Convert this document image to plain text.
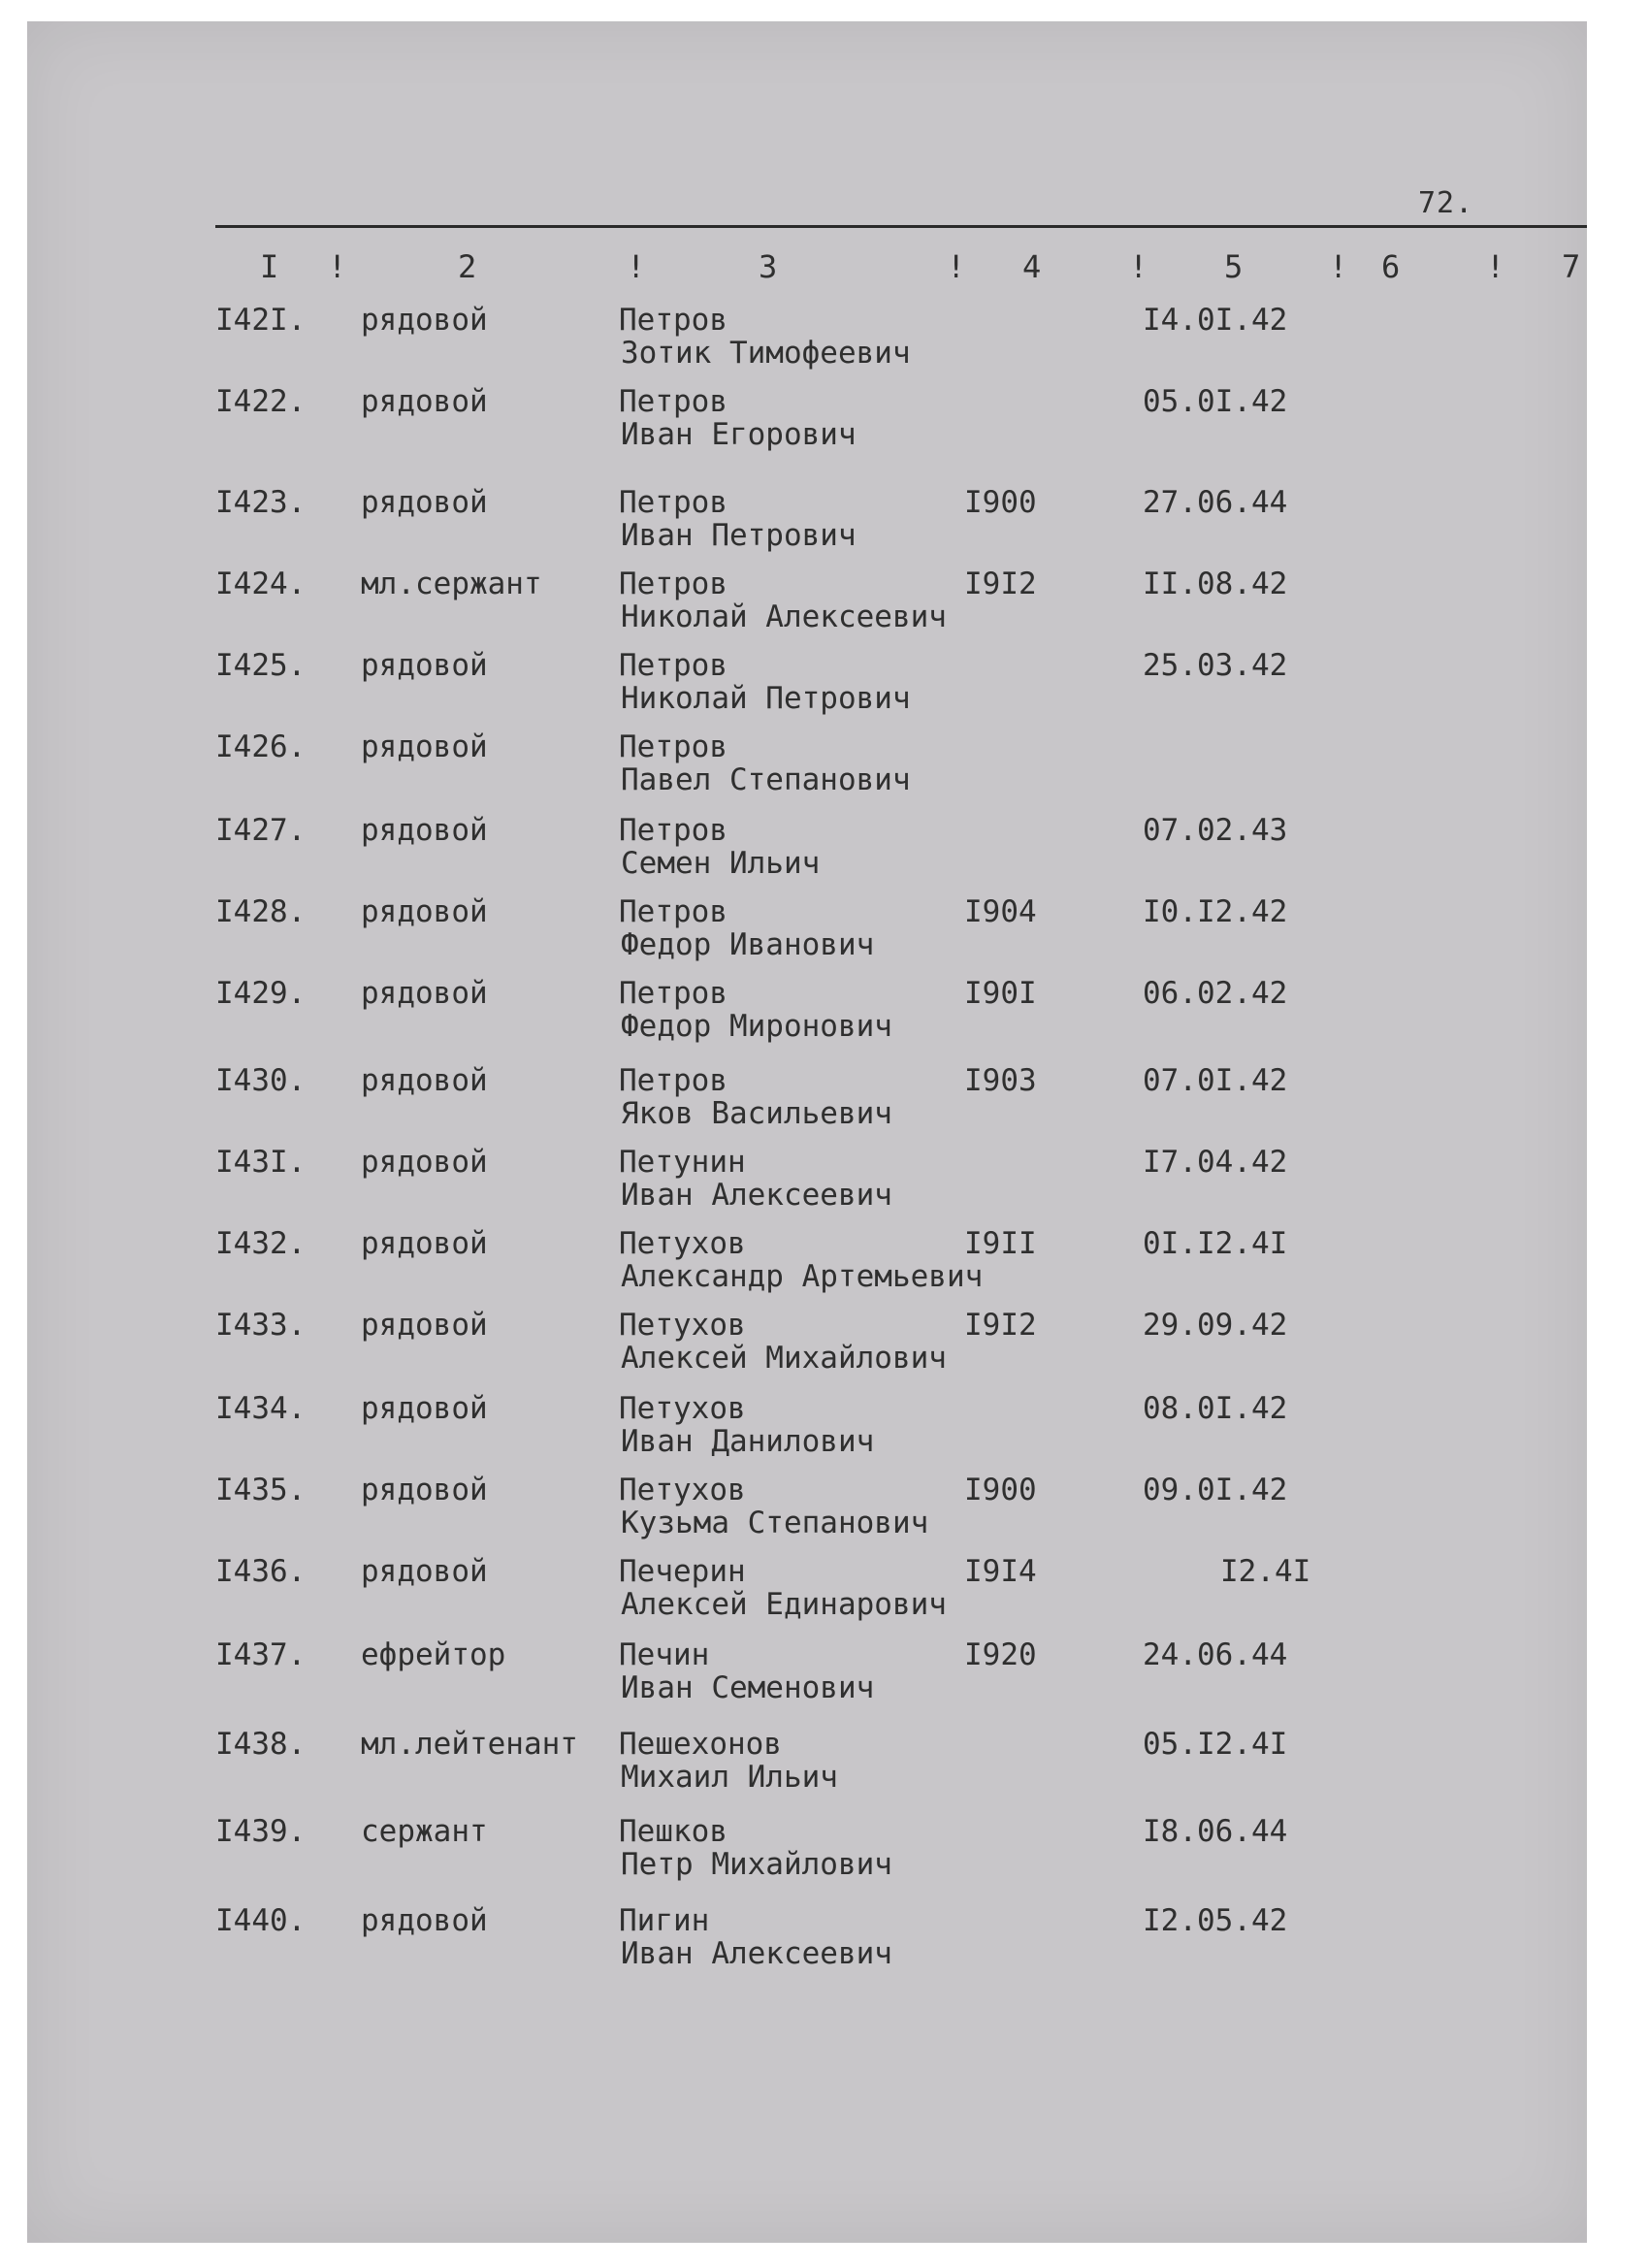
72.
I !	2	!	3	! 4	! 5	! 6	! 7
I42I. рядовой	Петров
Зотик Тимофеевич
I4.0I.42
I422. рядовой	Петров
Иван Егорович
05.0I.42
I423. рядовой	Петров
Иван Петрович
I900	27.06.44
I424. мл.сержант	Петров
Николай Алексеевич
I9I2	II.08.42
I425. рядовой	Петров
Николай Петрович
25.03.42
I426. рядовой	Петров
Павел Степанович
I427. рядовой	Петров
Семен Ильич
07.02.43
I428. рядовой	Петров
Федор Иванович
I904	I0.I2.42
I429. рядовой	Петров
Федор Миронович
I90I	06.02.42
I430. рядовой	Петров
Яков Васильевич
I903	07.0I.42
I43I. рядовой	Петунин
Иван Алексеевич
I7.04.42
I432. рядовой	Петухов
Александр Артемьевич
I9II	0I.I2.4I
I433. рядовой	Петухов
Алексей Михайлович
I9I2	29.09.42
I434. рядовой	Петухов
Иван Данилович
08.0I.42
I435. рядовой	Петухов
Кузьма Степанович
I900	09.0I.42
I436. рядовой	Печерин
Алексей Единарович
I9I4	I2.4I
I437. ефрейтор	Печин
Иван Семенович
I920	24.06.44
I438. мл.лейтенант Пешехонов
Михаил Ильич
05.I2.4I
I439. сержант	Пешков
Петр Михайлович
I8.06.44
I440. рядовой	Пигин
Иван Алексеевич
I2.05.42
